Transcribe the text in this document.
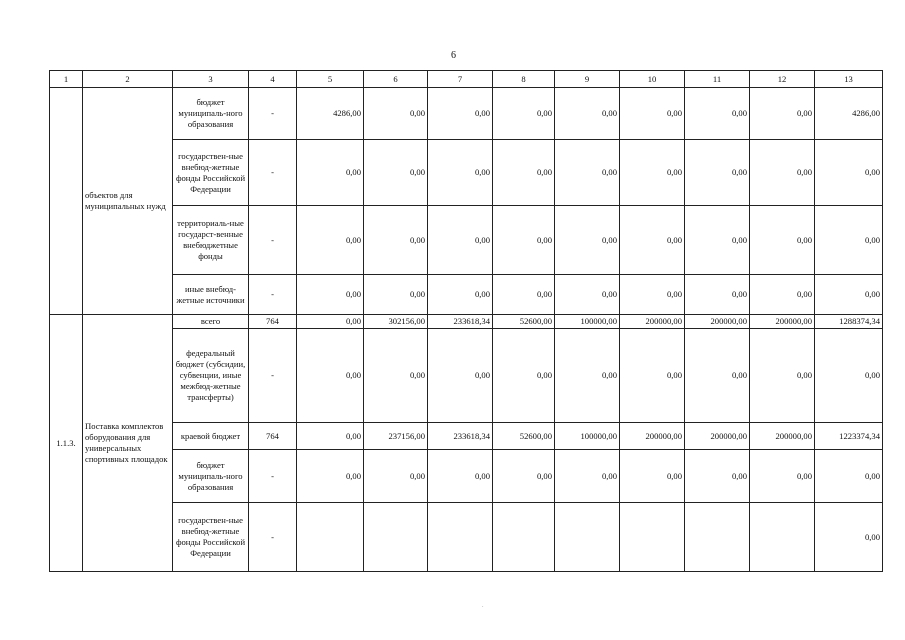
6
1	2	3	4	5	6	7	8	9	10	11	12	13
	объектов для муниципальных нужд	бюджет муниципаль-ного образования	-	4286,00	0,00	0,00	0,00	0,00	0,00	0,00	0,00	4286,00
		государствен-ные внебюд-жетные фонды Российской Федерации	-	0,00	0,00	0,00	0,00	0,00	0,00	0,00	0,00	0,00
		территориаль-ные государст-венные внебюджетные фонды	-	0,00	0,00	0,00	0,00	0,00	0,00	0,00	0,00	0,00
		иные внебюд-жетные источники	-	0,00	0,00	0,00	0,00	0,00	0,00	0,00	0,00	0,00
1.1.3.	Поставка комплектов оборудования для универсальных спортивных площадок	всего	764	0,00	302156,00	233618,34	52600,00	100000,00	200000,00	200000,00	200000,00	1288374,34
		федеральный бюджет (субсидии, субвенции, иные межбюд-жетные трансферты)	-	0,00	0,00	0,00	0,00	0,00	0,00	0,00	0,00	0,00
		краевой бюджет	764	0,00	237156,00	233618,34	52600,00	100000,00	200000,00	200000,00	200000,00	1223374,34
		бюджет муниципаль-ного образования	-	0,00	0,00	0,00	0,00	0,00	0,00	0,00	0,00	0,00
		государствен-ные внебюд-жетные фонды Российской Федерации	-									0,00
.
